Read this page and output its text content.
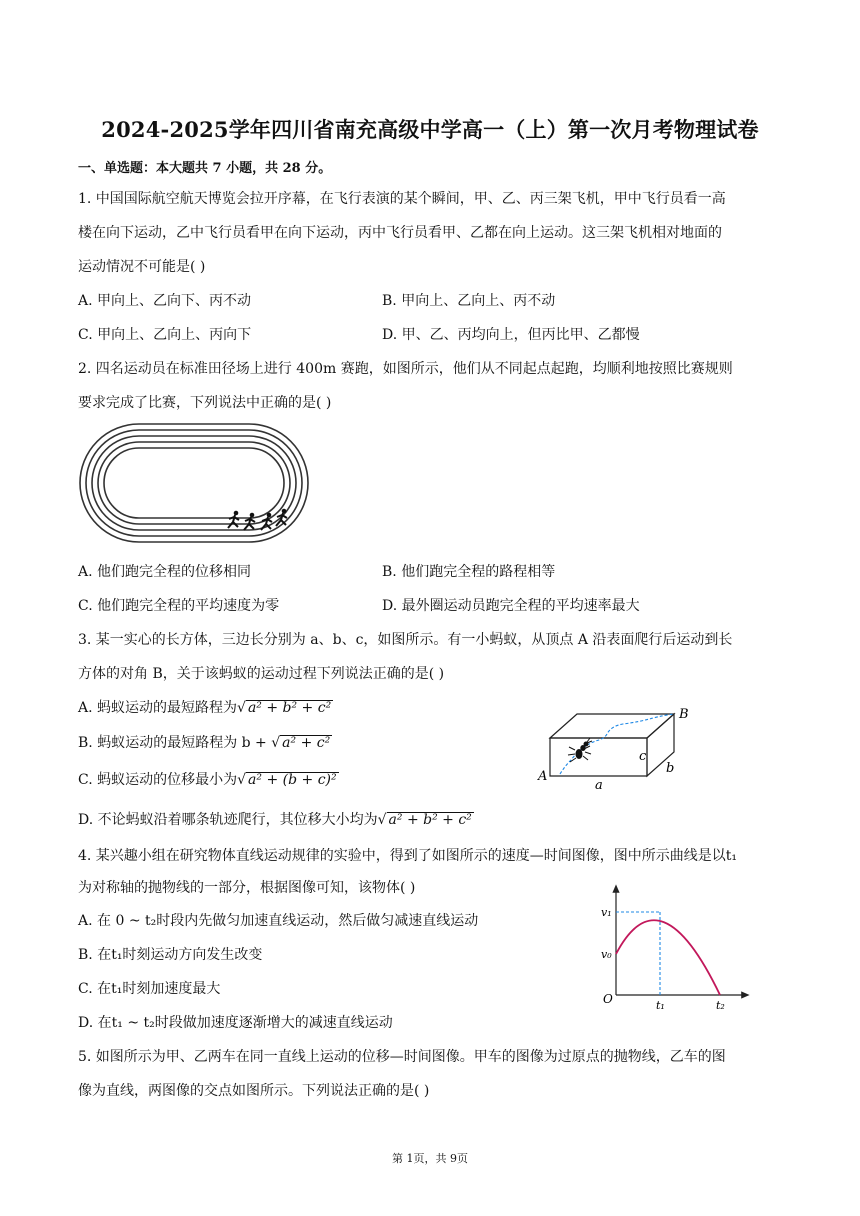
2024-2025学年四川省南充高级中学高一（上）第一次月考物理试卷
一、单选题：本大题共 7 小题，共 28 分。
1. 中国国际航空航天博览会拉开序幕，在飞行表演的某个瞬间，甲、乙、丙三架飞机，甲中飞行员看一高
楼在向下运动，乙中飞行员看甲在向下运动，丙中飞行员看甲、乙都在向上运动。这三架飞机相对地面的
运动情况不可能是( )
A. 甲向上、乙向下、丙不动	B. 甲向上、乙向上、丙不动
C. 甲向上、乙向上、丙向下	D. 甲、乙、丙均向上，但丙比甲、乙都慢
2. 四名运动员在标准田径场上进行 400m 赛跑，如图所示，他们从不同起点起跑，均顺利地按照比赛规则
要求完成了比赛，下列说法中正确的是( )
A. 他们跑完全程的位移相同	B. 他们跑完全程的路程相等
C. 他们跑完全程的平均速度为零	D. 最外圈运动员跑完全程的平均速率最大
3. 某一实心的长方体，三边长分别为 a、b、c，如图所示。有一小蚂蚁，从顶点 A 沿表面爬行后运动到长
方体的对角 B，关于该蚂蚁的运动过程下列说法正确的是( )
A. 蚂蚁运动的最短路程为√ a² + b² + c²
B. 蚂蚁运动的最短路程为 b + √ a² + c²
C. 蚂蚁运动的位移最小为√ a² + (b + c)²
D. 不论蚂蚁沿着哪条轨迹爬行，其位移大小均为√ a² + b² + c²
A
B
a
b
c
4. 某兴趣小组在研究物体直线运动规律的实验中，得到了如图所示的速度—时间图像，图中所示曲线是以t₁
为对称轴的抛物线的一部分，根据图像可知，该物体( )
A. 在 0 ~ t₂时段内先做匀加速直线运动，然后做匀减速直线运动
B. 在t₁时刻运动方向发生改变
C. 在t₁时刻加速度最大
D. 在t₁ ~ t₂时段做加速度逐渐增大的减速直线运动
v₁
v₀
O	t₁	t₂
5. 如图所示为甲、乙两车在同一直线上运动的位移—时间图像。甲车的图像为过原点的抛物线，乙车的图
像为直线，两图像的交点如图所示。下列说法正确的是( )
第 1页，共 9页
